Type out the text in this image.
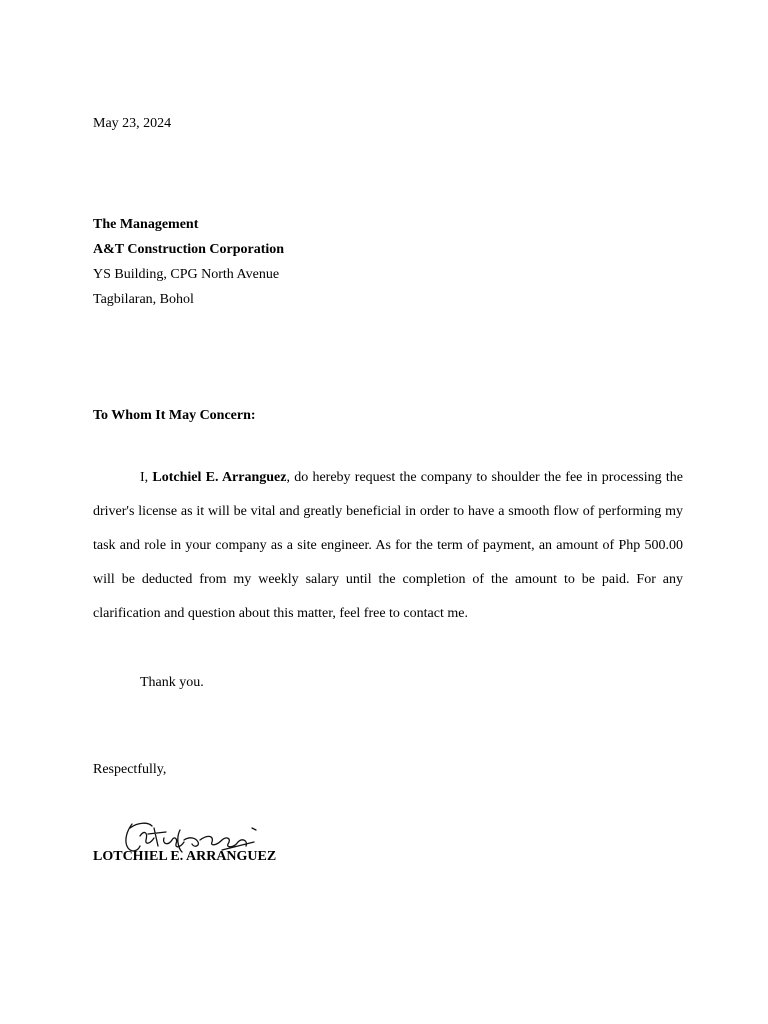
May 23, 2024
The Management
A&T Construction Corporation
YS Building, CPG North Avenue
Tagbilaran, Bohol
To Whom It May Concern:
I, Lotchiel E. Arranguez, do hereby request the company to shoulder the fee in processing the driver's license as it will be vital and greatly beneficial in order to have a smooth flow of performing my task and role in your company as a site engineer. As for the term of payment, an amount of Php 500.00 will be deducted from my weekly salary until the completion of the amount to be paid. For any clarification and question about this matter, feel free to contact me.
Thank you.
Respectfully,
LOTCHIEL E. ARRANGUEZ
